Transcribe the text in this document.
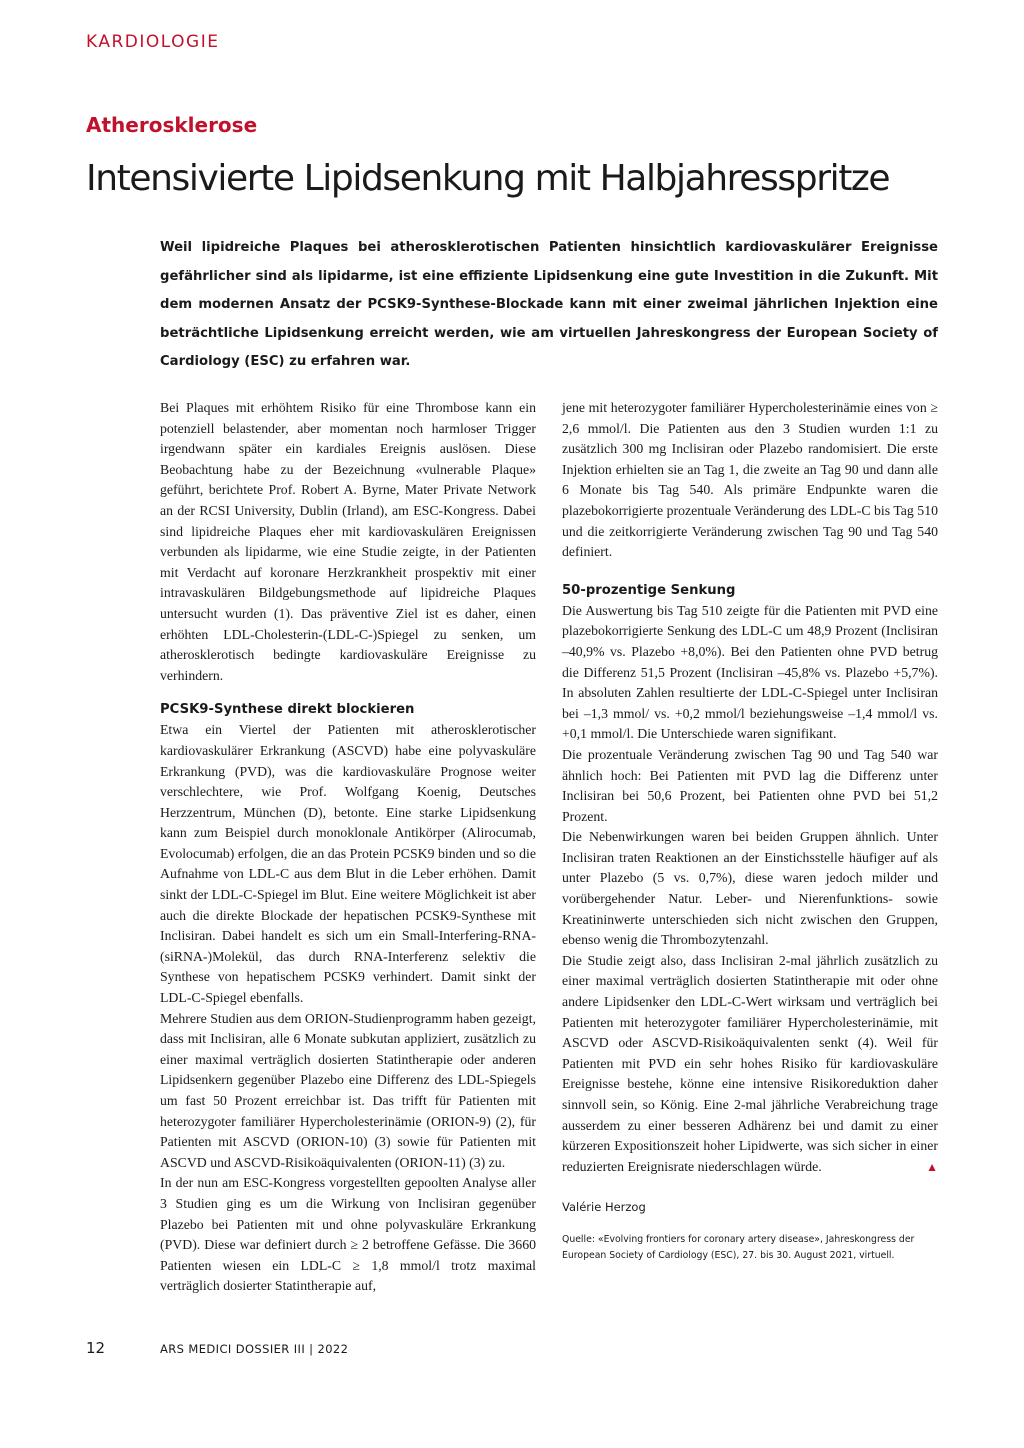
KARDIOLOGIE
Atherosklerose
Intensivierte Lipidsenkung mit Halbjahresspritze
Weil lipidreiche Plaques bei atherosklerotischen Patienten hinsichtlich kardiovaskulärer Ereignisse gefährlicher sind als lipidarme, ist eine effiziente Lipidsenkung eine gute Investition in die Zukunft. Mit dem modernen Ansatz der PCSK9-Synthese-Blockade kann mit einer zweimal jährlichen Injektion eine beträchtliche Lipidsenkung erreicht werden, wie am virtuellen Jahreskongress der European Society of Cardiology (ESC) zu erfahren war.

Bei Plaques mit erhöhtem Risiko für eine Thrombose kann ein potenziell belastender, aber momentan noch harmloser Trigger irgendwann später ein kardiales Ereignis auslösen. Diese Beobachtung habe zu der Bezeichnung «vulnerable Plaque» geführt, berichtete Prof. Robert A. Byrne, Mater Private Network an der RCSI University, Dublin (Irland), am ESC-Kongress. Dabei sind lipidreiche Plaques eher mit kardiovaskulären Ereignissen verbunden als lipidarme, wie eine Studie zeigte, in der Patienten mit Verdacht auf koronare Herzkrankheit prospektiv mit einer intravaskulären Bildgebungsmethode auf lipidreiche Plaques untersucht wurden (1). Das präventive Ziel ist es daher, einen erhöhten LDL-Cholesterin-(LDL-C-)Spiegel zu senken, um atherosklerotisch bedingte kardiovaskuläre Ereignisse zu verhindern.

PCSK9-Synthese direkt blockieren

Etwa ein Viertel der Patienten mit atherosklerotischer kardiovaskulärer Erkrankung (ASCVD) habe eine polyvaskuläre Erkrankung (PVD), was die kardiovaskuläre Prognose weiter verschlechtere, wie Prof. Wolfgang Koenig, Deutsches Herzzentrum, München (D), betonte. Eine starke Lipidsenkung kann zum Beispiel durch monoklonale Antikörper (Alirocumab, Evolocumab) erfolgen, die an das Protein PCSK9 binden und so die Aufnahme von LDL-C aus dem Blut in die Leber erhöhen. Damit sinkt der LDL-C-Spiegel im Blut. Eine weitere Möglichkeit ist aber auch die direkte Blockade der hepatischen PCSK9-Synthese mit Inclisiran. Dabei handelt es sich um ein Small-Interfering-RNA-(siRNA-)Molekül, das durch RNA-Interferenz selektiv die Synthese von hepatischem PCSK9 verhindert. Damit sinkt der LDL-C-Spiegel ebenfalls.

Mehrere Studien aus dem ORION-Studienprogramm haben gezeigt, dass mit Inclisiran, alle 6 Monate subkutan appliziert, zusätzlich zu einer maximal verträglich dosierten Statintherapie oder anderen Lipidsenkern gegenüber Plazebo eine Differenz des LDL-Spiegels um fast 50 Prozent erreichbar ist. Das trifft für Patienten mit heterozygoter familiärer Hypercholesterinämie (ORION-9) (2), für Patienten mit ASCVD (ORION-10) (3) sowie für Patienten mit ASCVD und ASCVD-Risikoäquivalenten (ORION-11) (3) zu.

In der nun am ESC-Kongress vorgestellten gepoolten Analyse aller 3 Studien ging es um die Wirkung von Inclisiran gegenüber Plazebo bei Patienten mit und ohne polyvaskuläre Erkrankung (PVD). Diese war definiert durch ≥ 2 betroffene Gefässe. Die 3660 Patienten wiesen ein LDL-C ≥ 1,8 mmol/l trotz maximal verträglich dosierter Statintherapie auf,

jene mit heterozygoter familiärer Hypercholesterinämie eines von ≥ 2,6 mmol/l. Die Patienten aus den 3 Studien wurden 1:1 zu zusätzlich 300 mg Inclisiran oder Plazebo randomisiert. Die erste Injektion erhielten sie an Tag 1, die zweite an Tag 90 und dann alle 6 Monate bis Tag 540. Als primäre Endpunkte waren die plazebokorrigierte prozentuale Veränderung des LDL-C bis Tag 510 und die zeitkorrigierte Veränderung zwischen Tag 90 und Tag 540 definiert.

50-prozentige Senkung

Die Auswertung bis Tag 510 zeigte für die Patienten mit PVD eine plazebokorrigierte Senkung des LDL-C um 48,9 Prozent (Inclisiran –40,9% vs. Plazebo +8,0%). Bei den Patienten ohne PVD betrug die Differenz 51,5 Prozent (Inclisiran –45,8% vs. Plazebo +5,7%). In absoluten Zahlen resultierte der LDL-C-Spiegel unter Inclisiran bei –1,3 mmol/ vs. +0,2 mmol/l beziehungsweise –1,4 mmol/l vs. +0,1 mmol/l. Die Unterschiede waren signifikant.

Die prozentuale Veränderung zwischen Tag 90 und Tag 540 war ähnlich hoch: Bei Patienten mit PVD lag die Differenz unter Inclisiran bei 50,6 Prozent, bei Patienten ohne PVD bei 51,2 Prozent.

Die Nebenwirkungen waren bei beiden Gruppen ähnlich. Unter Inclisiran traten Reaktionen an der Einstichsstelle häufiger auf als unter Plazebo (5 vs. 0,7%), diese waren jedoch milder und vorübergehender Natur. Leber- und Nierenfunktions- sowie Kreatininwerte unterschieden sich nicht zwischen den Gruppen, ebenso wenig die Thrombozytenzahl.

Die Studie zeigt also, dass Inclisiran 2-mal jährlich zusätzlich zu einer maximal verträglich dosierten Statintherapie mit oder ohne andere Lipidsenker den LDL-C-Wert wirksam und verträglich bei Patienten mit heterozygoter familiärer Hypercholesterinämie, mit ASCVD oder ASCVD-Risikoäquivalenten senkt (4). Weil für Patienten mit PVD ein sehr hohes Risiko für kardiovaskuläre Ereignisse bestehe, könne eine intensive Risikoreduktion daher sinnvoll sein, so König. Eine 2-mal jährliche Verabreichung trage ausserdem zu einer besseren Adhärenz bei und damit zu einer kürzeren Expositionszeit hoher Lipidwerte, was sich sicher in einer reduzierten Ereignisrate niederschlagen würde.	▲

Valérie Herzog
Quelle: «Evolving frontiers for coronary artery disease», Jahreskongress der European Society of Cardiology (ESC), 27. bis 30. August 2021, virtuell.
12	ARS MEDICI DOSSIER III | 2022
